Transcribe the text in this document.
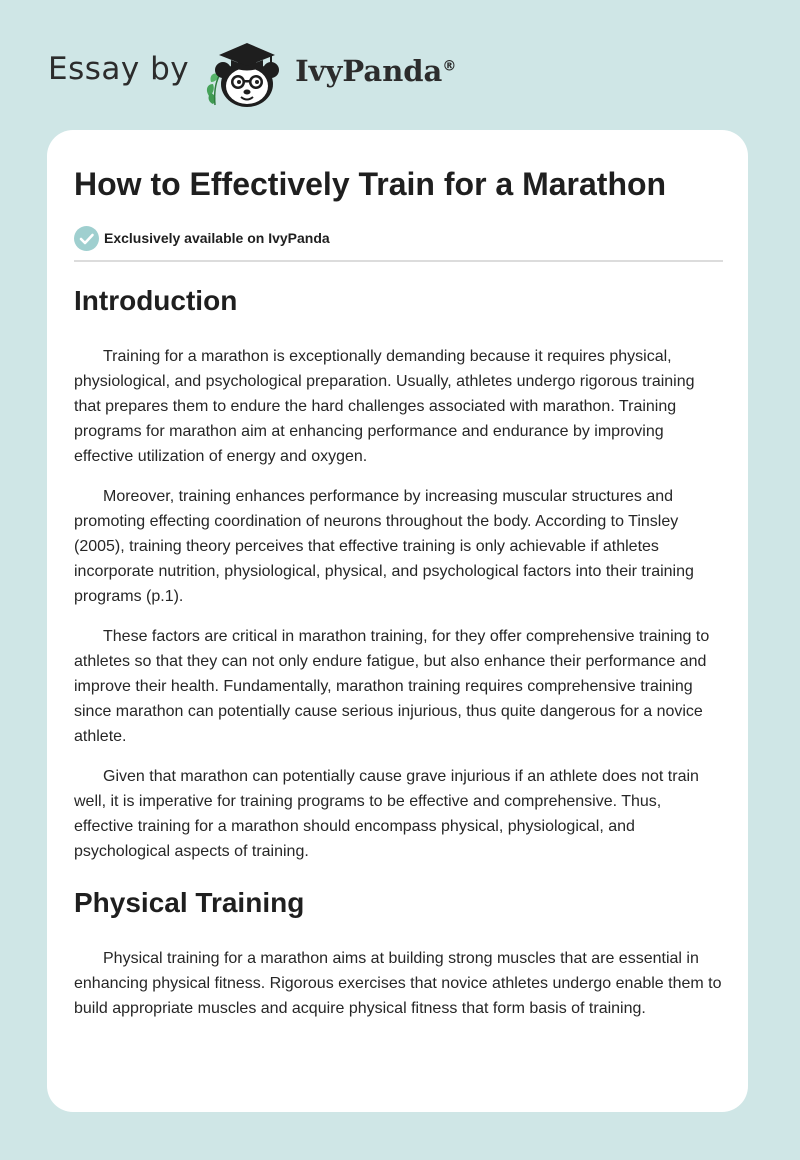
Essay by	IvyPanda®
How to Effectively Train for a Marathon
Exclusively available on IvyPanda
Introduction

Training for a marathon is exceptionally demanding because it requires physical, physiological, and psychological preparation. Usually, athletes undergo rigorous training that prepares them to endure the hard challenges associated with marathon. Training programs for marathon aim at enhancing performance and endurance by improving effective utilization of energy and oxygen.

Moreover, training enhances performance by increasing muscular structures and promoting effecting coordination of neurons throughout the body. According to Tinsley (2005), training theory perceives that effective training is only achievable if athletes incorporate nutrition, physiological, physical, and psychological factors into their training programs (p.1).

These factors are critical in marathon training, for they offer comprehensive training to athletes so that they can not only endure fatigue, but also enhance their performance and improve their health. Fundamentally, marathon training requires comprehensive training since marathon can potentially cause serious injurious, thus quite dangerous for a novice athlete.

Given that marathon can potentially cause grave injurious if an athlete does not train well, it is imperative for training programs to be effective and comprehensive. Thus, effective training for a marathon should encompass physical, physiological, and psychological aspects of training.

Physical Training

Physical training for a marathon aims at building strong muscles that are essential in enhancing physical fitness. Rigorous exercises that novice athletes undergo enable them to build appropriate muscles and acquire physical fitness that form basis of training.
